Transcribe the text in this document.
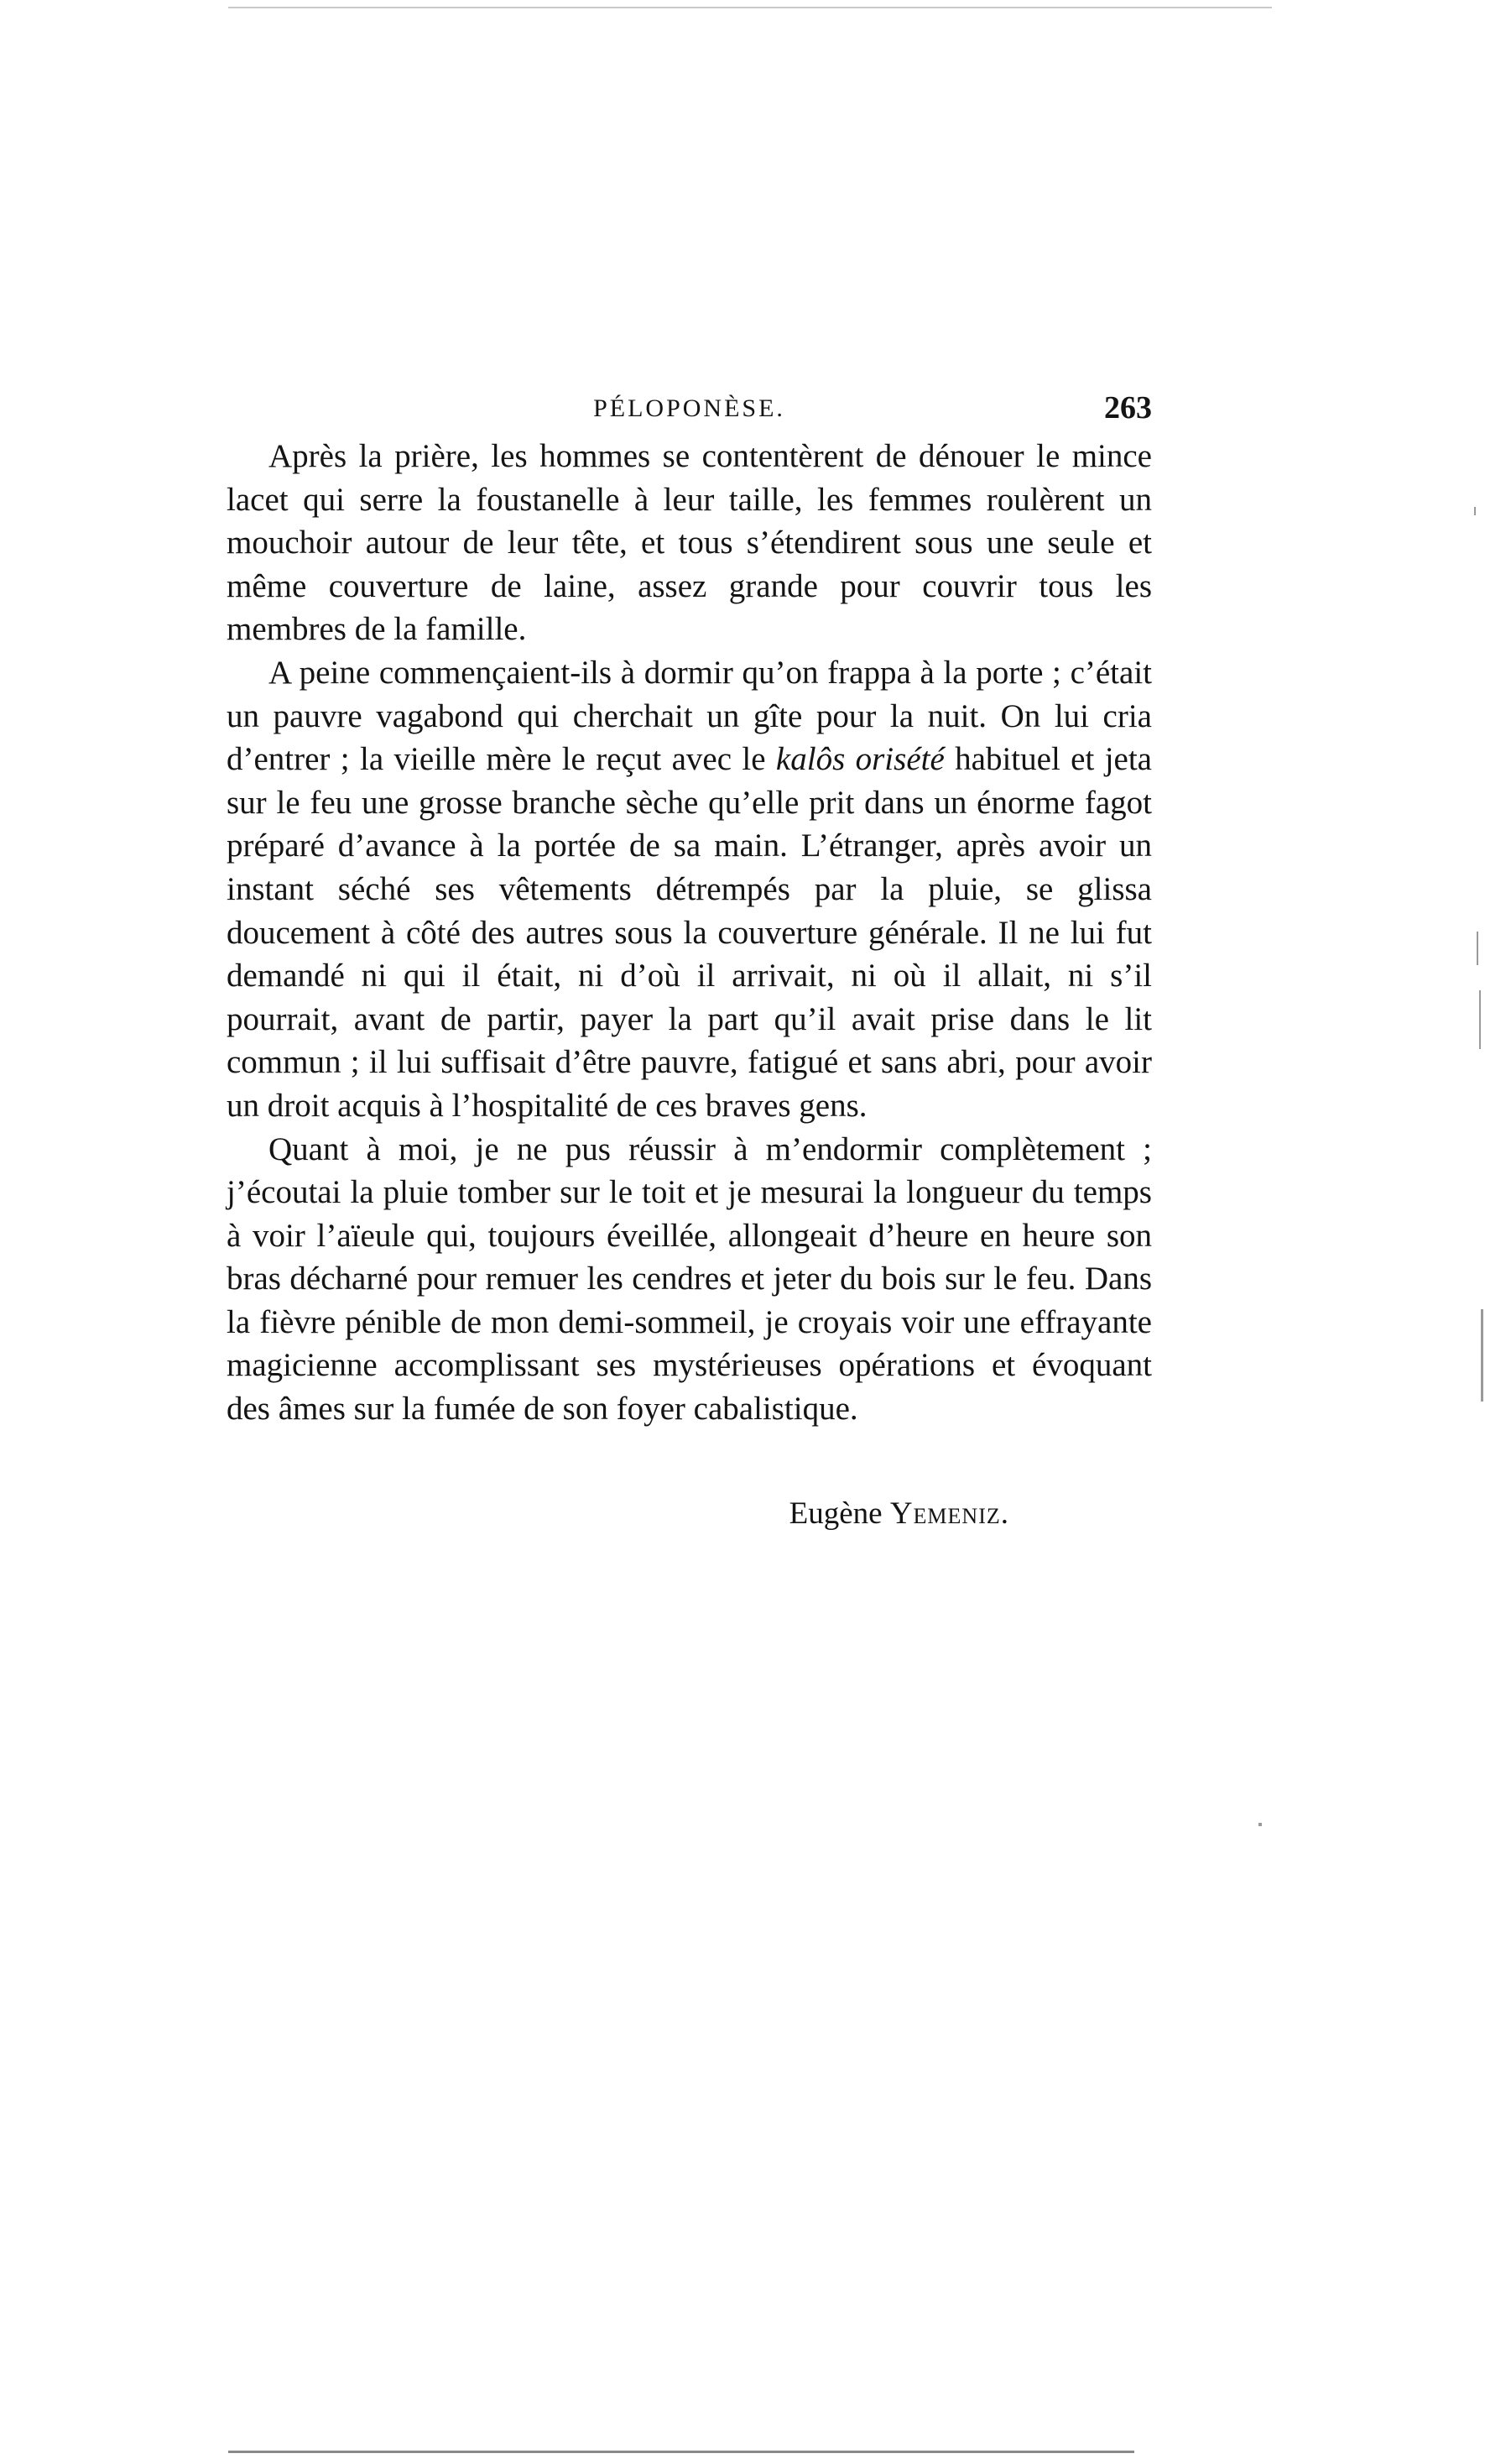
PÉLOPONÈSE.	263

Après la prière, les hommes se contentèrent de dénouer le mince lacet qui serre la foustanelle à leur taille, les femmes roulèrent un mouchoir autour de leur tête, et tous s’étendirent sous une seule et même couverture de laine, assez grande pour couvrir tous les membres de la famille.

A peine commençaient-ils à dormir qu’on frappa à la porte ; c’était un pauvre vagabond qui cherchait un gîte pour la nuit. On lui cria d’entrer ; la vieille mère le reçut avec le kalôs orisété habituel et jeta sur le feu une grosse branche sèche qu’elle prit dans un énorme fagot préparé d’avance à la portée de sa main. L’étranger, après avoir un instant séché ses vêtements détrempés par la pluie, se glissa doucement à côté des autres sous la couverture générale. Il ne lui fut demandé ni qui il était, ni d’où il arrivait, ni où il allait, ni s’il pourrait, avant de partir, payer la part qu’il avait prise dans le lit commun ; il lui suffisait d’être pauvre, fatigué et sans abri, pour avoir un droit acquis à l’hospitalité de ces braves gens.

Quant à moi, je ne pus réussir à m’endormir complètement ; j’écoutai la pluie tomber sur le toit et je mesurai la longueur du temps à voir l’aïeule qui, toujours éveillée, allongeait d’heure en heure son bras décharné pour remuer les cendres et jeter du bois sur le feu. Dans la fièvre pénible de mon demi-sommeil, je croyais voir une effrayante magicienne accomplissant ses mystérieuses opérations et évoquant des âmes sur la fumée de son foyer cabalistique.

Eugène Yemeniz.
